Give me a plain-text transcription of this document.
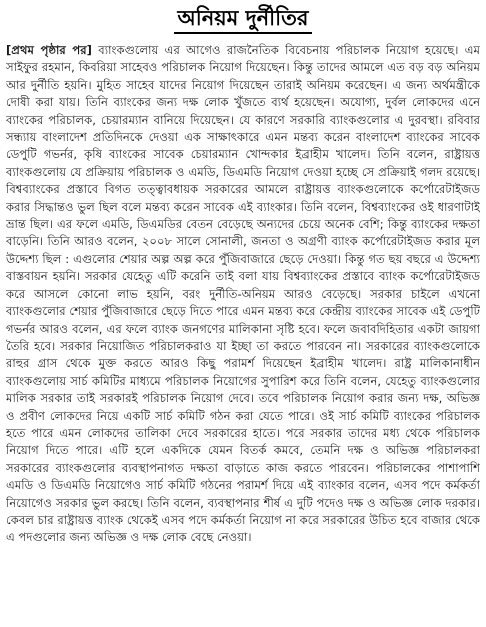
অনিয়ম দুর্নীতির

[প্রথম পৃষ্ঠার পর] ব্যাংকগুলোয় এর আগেও রাজনৈতিক বিবেচনায় পরিচালক নিয়োগ হয়েছে। এম সাইফুর রহমান, কিবরিয়া সাহেবও পরিচালক নিয়োগ দিয়েছেন। কিন্তু তাদের আমলে এত বড় বড় অনিয়ম আর দুর্নীতি হয়নি। মুহিত সাহেব যাদের নিয়োগ দিয়েছেন তারাই অনিয়ম করেছেন। এ জন্য অর্থমন্ত্রীকে দোষী করা যায়। তিনি ব্যাংকের জন্য দক্ষ লোক খুঁজতে ব্যর্থ হয়েছেন। অযোগ্য, দুর্বল লোকদের এনে ব্যাংকের পরিচালক, চেয়ারম্যান বানিয়ে দিয়েছেন। যে কারণে সরকারি ব্যাংকগুলোর এ দুরবস্থা। রবিবার সন্ধ্যায় বাংলাদেশ প্রতিদিনকে দেওয়া এক সাক্ষাৎকারে এমন মন্তব্য করেন বাংলাদেশ ব্যাংকের সাবেক ডেপুটি গভর্নর, কৃষি ব্যাংকের সাবেক চেয়ারম্যান খোন্দকার ইব্রাহীম খালেদ। তিনি বলেন, রাষ্ট্রায়ত্ত ব্যাংকগুলোয় যে প্রক্রিয়ায় পরিচালক ও এমডি, ডিএমডি নিয়োগ দেওয়া হচ্ছে সে প্রক্রিয়াই গলদ রয়েছে। বিশ্বব্যাংকের প্রস্তাবে বিগত তত্ত্বাবধায়ক সরকারের আমলে রাষ্ট্রায়ত্ত ব্যাংকগুলোকে কর্পোরেটাইজড করার সিদ্ধান্তও ভুল ছিল বলে মন্তব্য করেন সাবেক এই ব্যাংকার। তিনি বলেন, বিশ্বব্যাংকের ওই ধারণাটাই ভ্রান্ত ছিল। এর ফলে এমডি, ডিএমডির বেতন বেড়েছে অন্যদের চেয়ে অনেক বেশি; কিন্তু ব্যাংকের দক্ষতা বাড়েনি। তিনি আরও বলেন, ২০০৮ সালে সোনালী, জনতা ও অগ্রণী ব্যাংক কর্পোরেটাইজড করার মূল উদ্দেশ্য ছিল : এগুলোর শেয়ার অল্প অল্প করে পুঁজিবাজারে ছেড়ে দেওয়া। কিন্তু গত ছয় বছরে এ উদ্দেশ্য বাস্তবায়ন হয়নি। সরকার যেহেতু এটি করেনি তাই বলা যায় বিশ্বব্যাংকের প্রস্তাবে ব্যাংক কর্পোরেটাইজড করে আসলে কোনো লাভ হয়নি, বরং দুর্নীতি-অনিয়ম আরও বেড়েছে। সরকার চাইলে এখনো ব্যাংকগুলোর শেয়ার পুঁজিবাজারে ছেড়ে দিতে পারে এমন মন্তব্য করে কেন্দ্রীয় ব্যাংকের সাবেক এই ডেপুটি গভর্নর আরও বলেন, এর ফলে ব্যাংক জনগণের মালিকানা সৃষ্টি হবে। ফলে জবাবদিহিতার একটা জায়গা তৈরি হবে। সরকার নিয়োজিত পরিচালকরাও যা ইচ্ছা তা করতে পারবেন না। সরকারের ব্যাংকগুলোকে রাহুর গ্রাস থেকে মুক্ত করতে আরও কিছু পরামর্শ দিয়েছেন ইব্রাহীম খালেদ। রাষ্ট্র মালিকানাধীন ব্যাংকগুলোয় সার্চ কমিটির মাধ্যমে পরিচালক নিয়োগের সুপারিশ করে তিনি বলেন, যেহেতু ব্যাংকগুলোর মালিক সরকার তাই সরকারই পরিচালক নিয়োগ দেবে। তবে পরিচালক নিয়োগ করার জন্য দক্ষ, অভিজ্ঞ ও প্রবীণ লোকদের নিয়ে একটি সার্চ কমিটি গঠন করা যেতে পারে। ওই সার্চ কমিটি ব্যাংকের পরিচালক হতে পারে এমন লোকদের তালিকা দেবে সরকারের হাতে। পরে সরকার তাদের মধ্য থেকে পরিচালক নিয়োগ দিতে পারে। এটি হলে একদিকে যেমন বিতর্ক কমবে, তেমনি দক্ষ ও অভিজ্ঞ পরিচালকরা সরকারের ব্যাংকগুলোর ব্যবস্থাপনাগত দক্ষতা বাড়াতে কাজ করতে পারবেন। পরিচালকের পাশাপাশি এমডি ও ডিএমডি নিয়োগেও সার্চ কমিটি গঠনের পরামর্শ দিয়ে এই ব্যাংকার বলেন, এসব পদে কর্মকর্তা নিয়োগেও সরকার ভুল করছে। তিনি বলেন, ব্যবস্থাপনার শীর্ষ এ দুটি পদেও দক্ষ ও অভিজ্ঞ লোক দরকার। কেবল চার রাষ্ট্রায়ত্ত ব্যাংক থেকেই এসব পদে কর্মকর্তা নিয়োগ না করে সরকারের উচিত হবে বাজার থেকে এ পদগুলোর জন্য অভিজ্ঞ ও দক্ষ লোক বেছে নেওয়া।
